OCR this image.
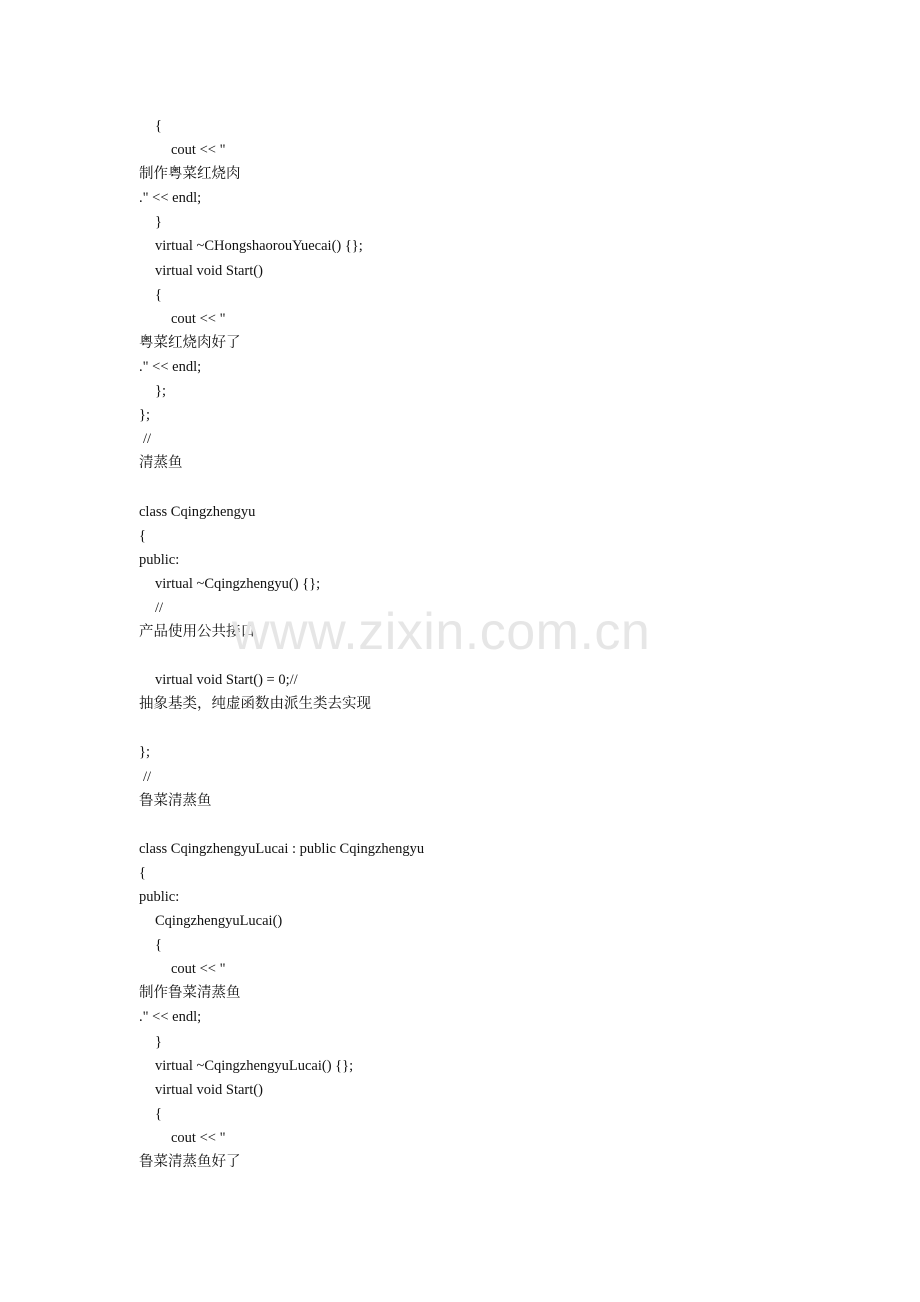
{
cout << "
制作粤菜红烧肉
." << endl;
}
virtual ~CHongshaorouYuecai() {};
virtual void Start()
{
cout << "
粤菜红烧肉好了
." << endl;
};
};
//
清蒸鱼
class Cqingzhengyu
{
public:
virtual ~Cqingzhengyu() {};
//
产品使用公共接口
virtual void Start() = 0;//
抽象基类，纯虚函数由派生类去实现
};
//
鲁菜清蒸鱼
class CqingzhengyuLucai : public Cqingzhengyu
{
public:
CqingzhengyuLucai()
{
cout << "
制作鲁菜清蒸鱼
." << endl;
}
virtual ~CqingzhengyuLucai() {};
virtual void Start()
{
cout << "
鲁菜清蒸鱼好了
www.zixin.com.cn
